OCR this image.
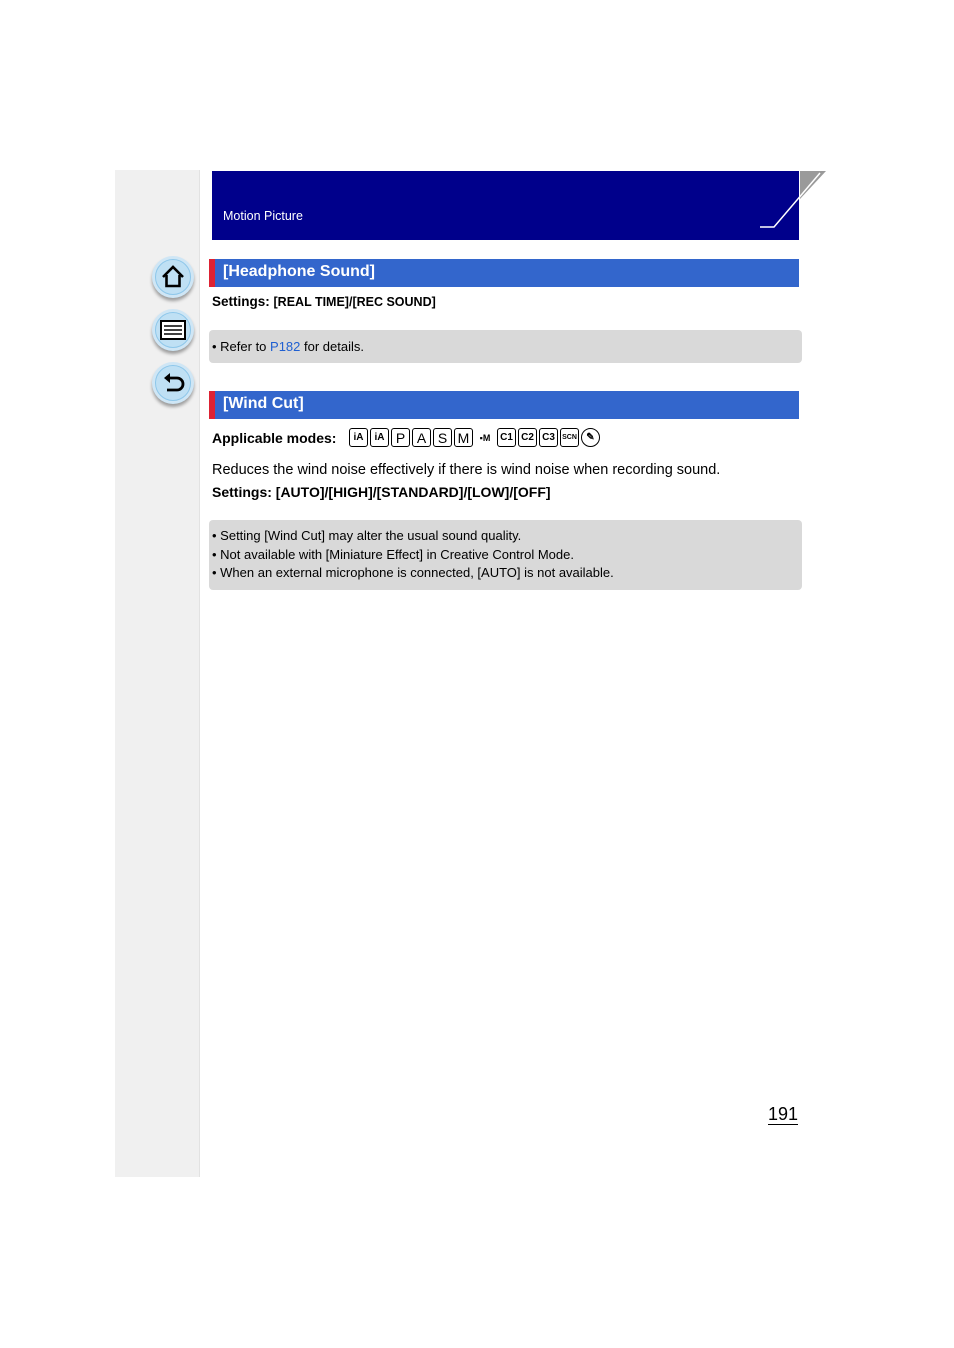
Motion Picture
[Headphone Sound]
Settings: [REAL TIME]/[REC SOUND]
• Refer to P182 for details.
[Wind Cut]
Applicable modes:	iA	iA P A S M	▪M C1 C2 C3	SCN ✎
Reduces the wind noise effectively if there is wind noise when recording sound.
Settings: [AUTO]/[HIGH]/[STANDARD]/[LOW]/[OFF]
• Setting [Wind Cut] may alter the usual sound quality.
• Not available with [Miniature Effect] in Creative Control Mode.
• When an external microphone is connected, [AUTO] is not available.
191
